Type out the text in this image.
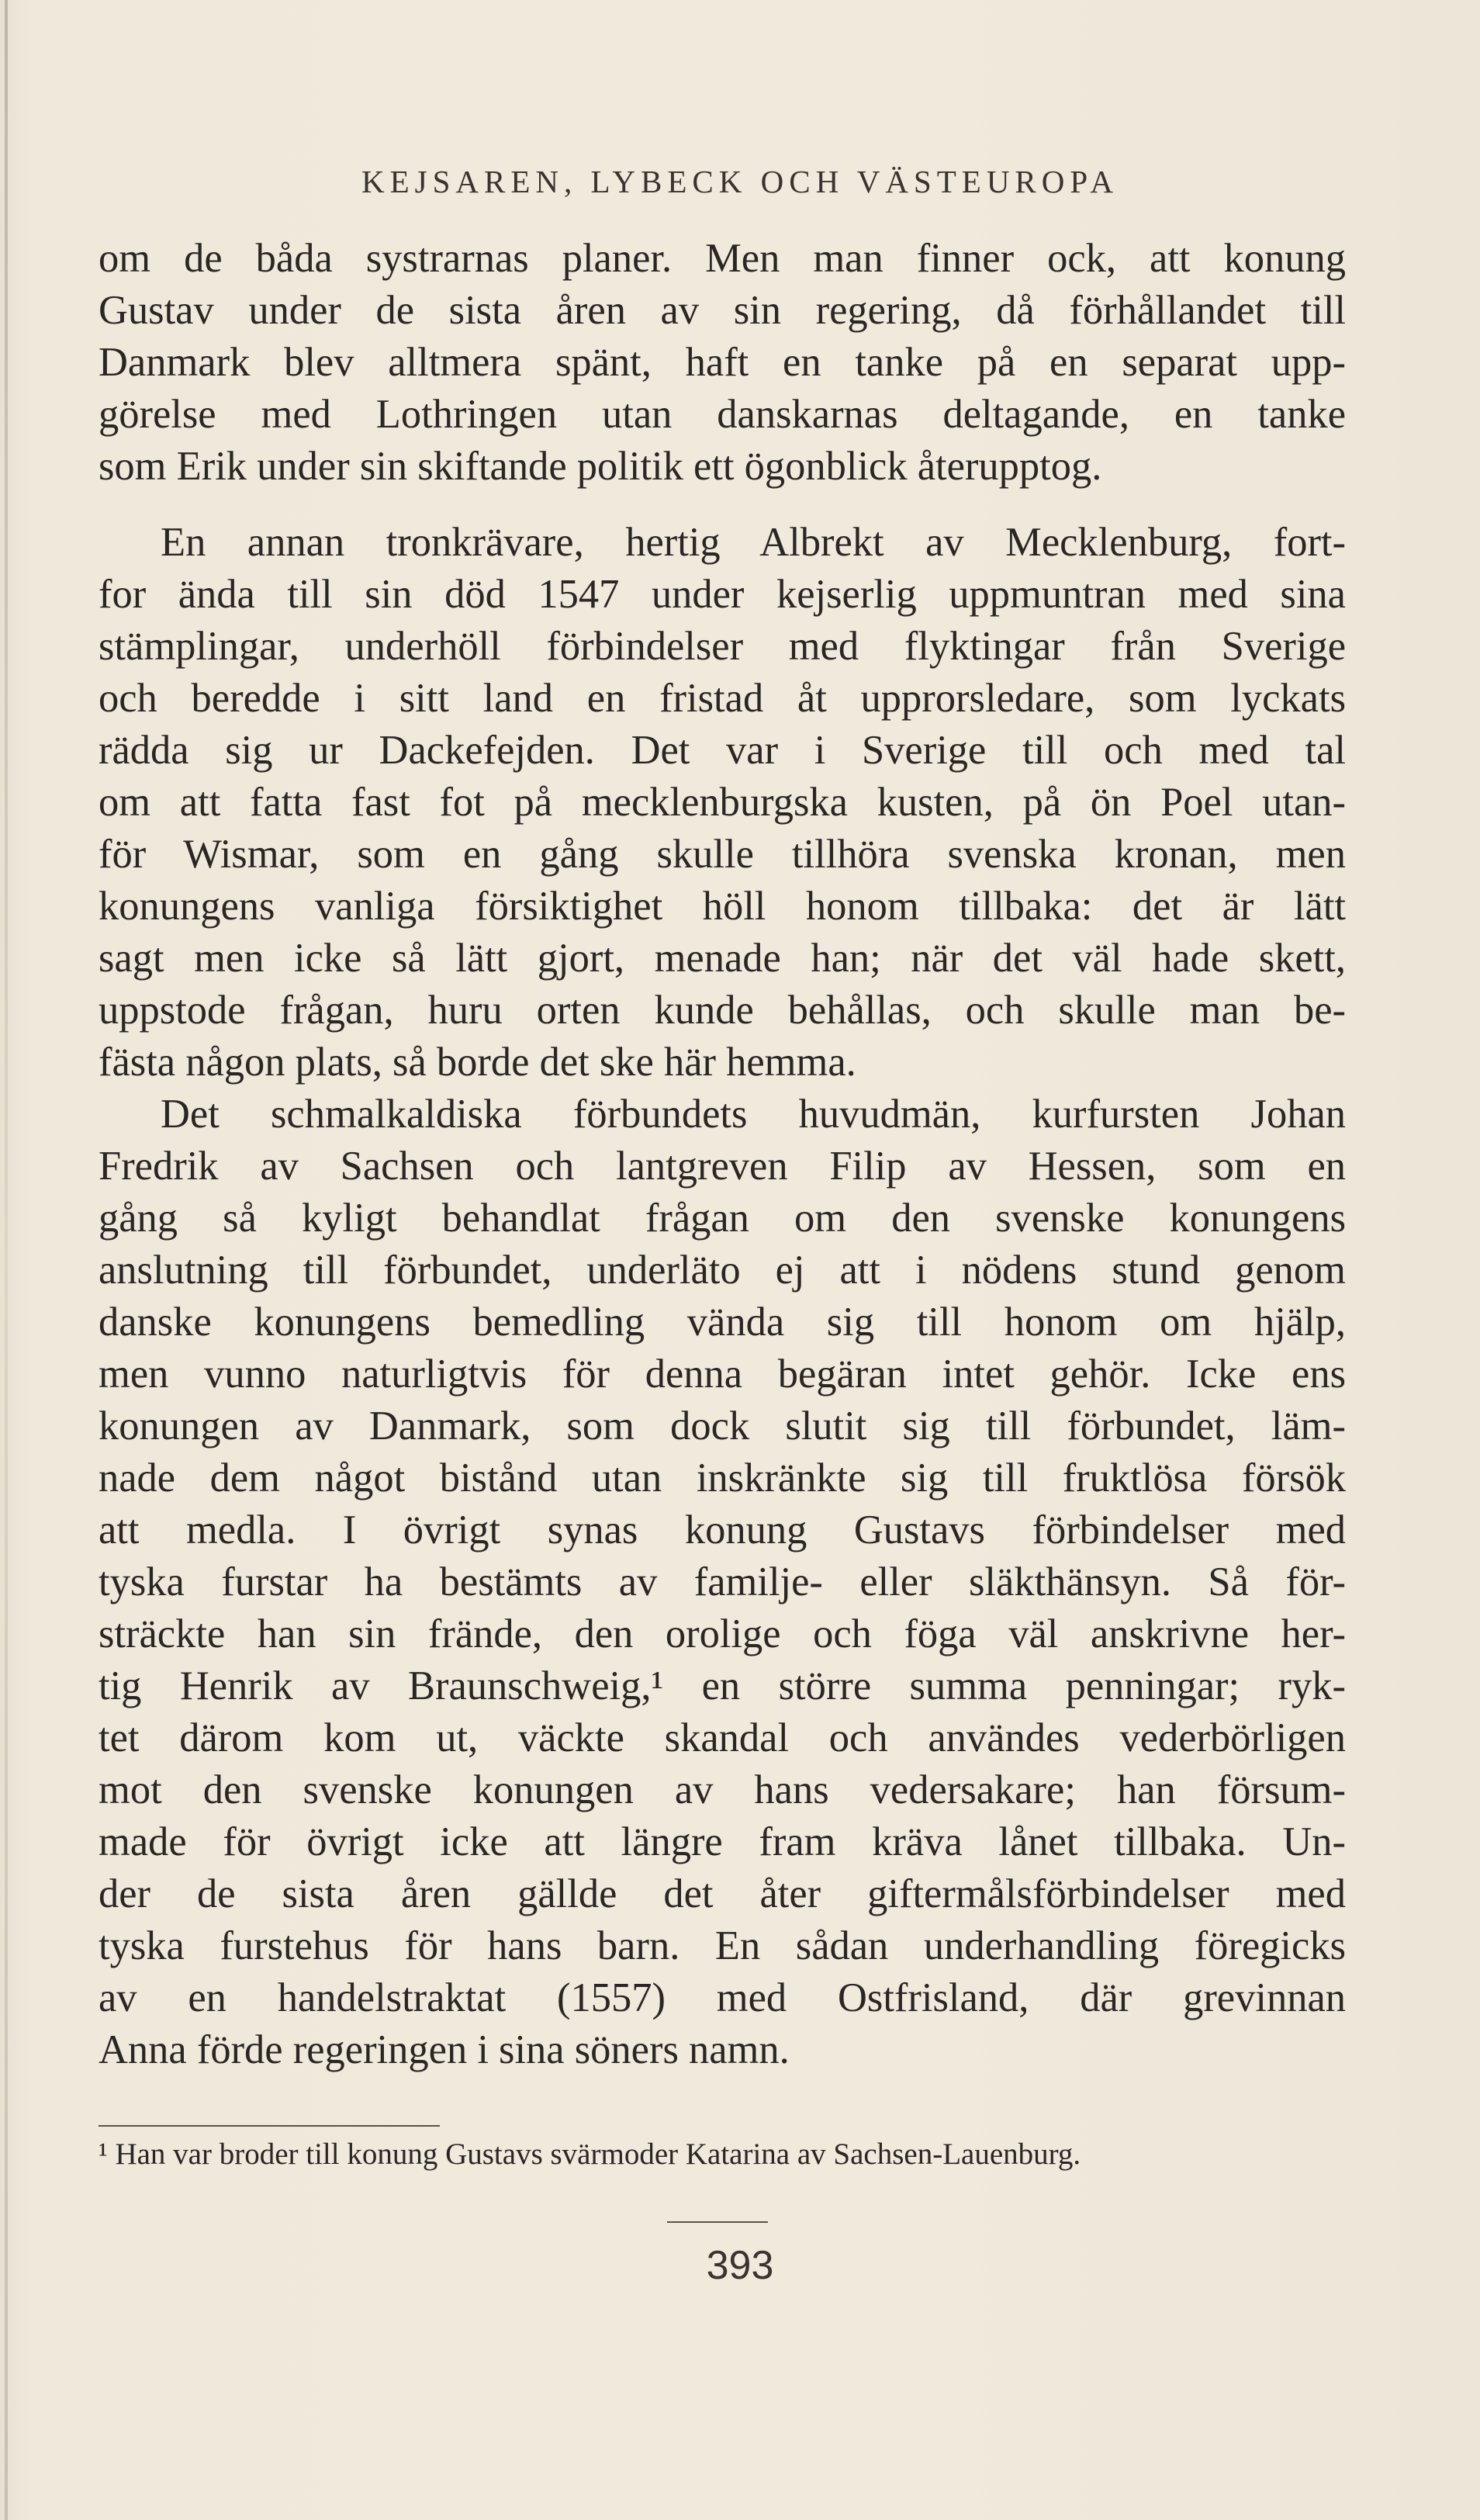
KEJSAREN, LYBECK OCH VÄSTEUROPA

om de båda systrarnas planer. Men man finner ock, att konung
Gustav under de sista åren av sin regering, då förhållandet till
Danmark blev alltmera spänt, haft en tanke på en separat upp-
görelse med Lothringen utan danskarnas deltagande, en tanke
som Erik under sin skiftande politik ett ögonblick återupptog.

En annan tronkrävare, hertig Albrekt av Mecklenburg, fort-
for ända till sin död 1547 under kejserlig uppmuntran med sina
stämplingar, underhöll förbindelser med flyktingar från Sverige
och beredde i sitt land en fristad åt upprorsledare, som lyckats
rädda sig ur Dackefejden. Det var i Sverige till och med tal
om att fatta fast fot på mecklenburgska kusten, på ön Poel utan-
för Wismar, som en gång skulle tillhöra svenska kronan, men
konungens vanliga försiktighet höll honom tillbaka: det är lätt
sagt men icke så lätt gjort, menade han; när det väl hade skett,
uppstode frågan, huru orten kunde behållas, och skulle man be-
fästa någon plats, så borde det ske här hemma.

Det schmalkaldiska förbundets huvudmän, kurfursten Johan
Fredrik av Sachsen och lantgreven Filip av Hessen, som en
gång så kyligt behandlat frågan om den svenske konungens
anslutning till förbundet, underläto ej att i nödens stund genom
danske konungens bemedling vända sig till honom om hjälp,
men vunno naturligtvis för denna begäran intet gehör. Icke ens
konungen av Danmark, som dock slutit sig till förbundet, läm-
nade dem något bistånd utan inskränkte sig till fruktlösa försök
att medla. I övrigt synas konung Gustavs förbindelser med
tyska furstar ha bestämts av familje- eller släkthänsyn. Så för-
sträckte han sin frände, den orolige och föga väl anskrivne her-
tig Henrik av Braunschweig,¹ en större summa penningar; ryk-
tet därom kom ut, väckte skandal och användes vederbörligen
mot den svenske konungen av hans vedersakare; han försum-
made för övrigt icke att längre fram kräva lånet tillbaka. Un-
der de sista åren gällde det åter giftermålsförbindelser med
tyska furstehus för hans barn. En sådan underhandling föregicks
av en handelstraktat (1557) med Ostfrisland, där grevinnan
Anna förde regeringen i sina söners namn.

¹ Han var broder till konung Gustavs svärmoder Katarina av Sachsen-Lauenburg.
393
